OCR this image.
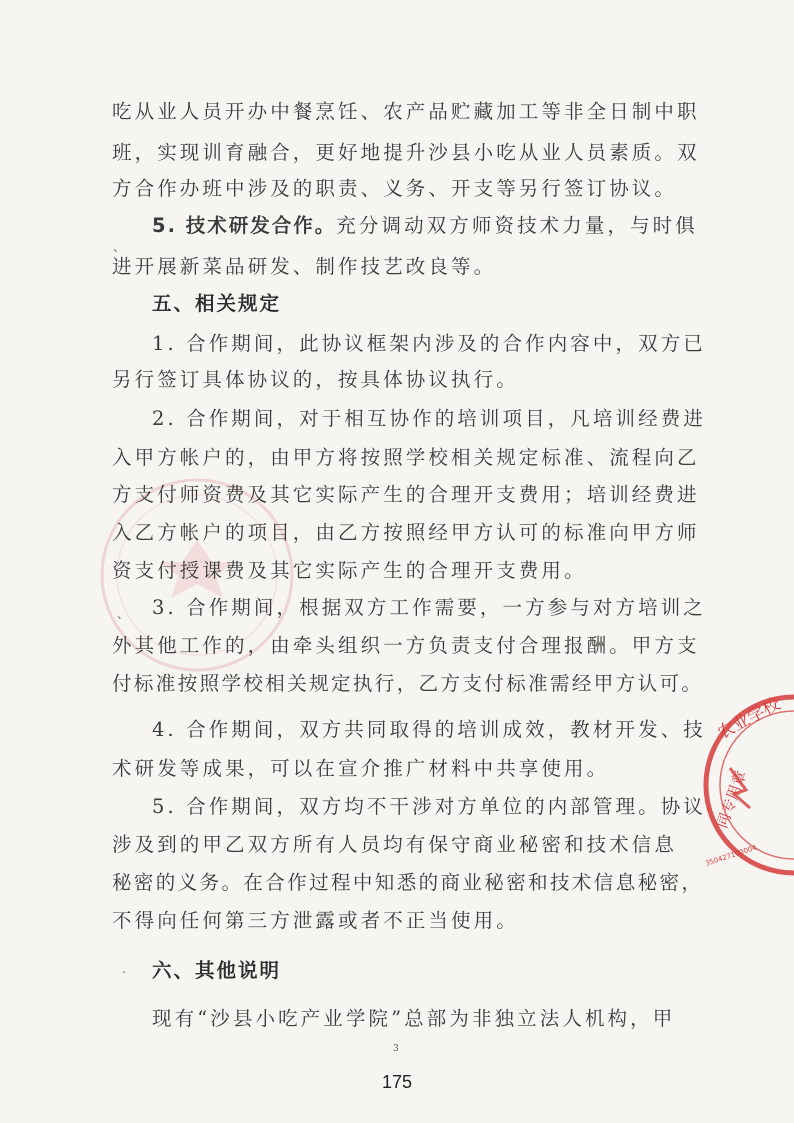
农业学校
同专用章
350427100004
、
、
.
吃从业人员开办中餐烹饪、农产品贮藏加工等非全日制中职
班，实现训育融合，更好地提升沙县小吃从业人员素质。双
方合作办班中涉及的职责、义务、开支等另行签订协议。
5. 技术研发合作。充分调动双方师资技术力量，与时俱
进开展新菜品研发、制作技艺改良等。
五、相关规定
1. 合作期间，此协议框架内涉及的合作内容中，双方已
另行签订具体协议的，按具体协议执行。
2. 合作期间，对于相互协作的培训项目，凡培训经费进
入甲方帐户的，由甲方将按照学校相关规定标准、流程向乙
方支付师资费及其它实际产生的合理开支费用；培训经费进
入乙方帐户的项目，由乙方按照经甲方认可的标准向甲方师
资支付授课费及其它实际产生的合理开支费用。
3. 合作期间，根据双方工作需要，一方参与对方培训之
外其他工作的，由牵头组织一方负责支付合理报酬。甲方支
付标准按照学校相关规定执行，乙方支付标准需经甲方认可。
4. 合作期间，双方共同取得的培训成效，教材开发、技
术研发等成果，可以在宣介推广材料中共享使用。
5. 合作期间，双方均不干涉对方单位的内部管理。协议
涉及到的甲乙双方所有人员均有保守商业秘密和技术信息
秘密的义务。在合作过程中知悉的商业秘密和技术信息秘密，
不得向任何第三方泄露或者不正当使用。
六、其他说明
现有“沙县小吃产业学院”总部为非独立法人机构，甲
3
175
